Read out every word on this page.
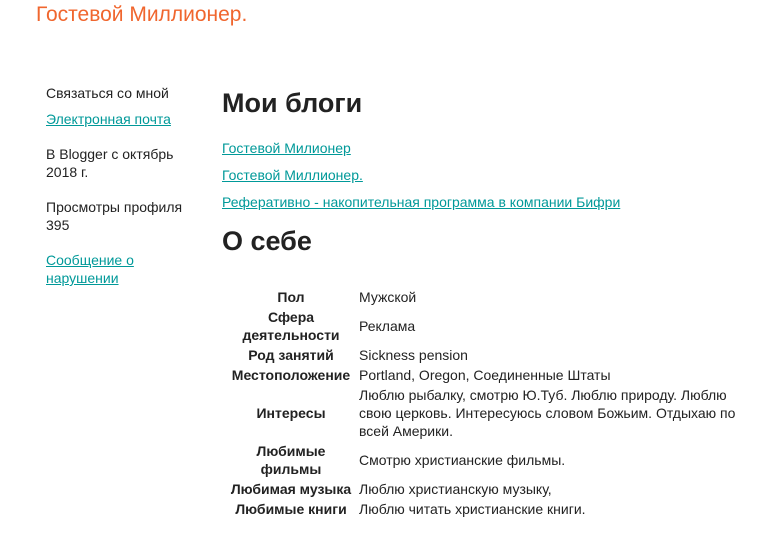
Гостевой Миллионер.
Связаться со мной
Электронная почта
В Blogger с октябрь 2018 г.
Просмотры профиля 395
Сообщение о нарушении
Мои блоги
Гостевой Милионер
Гостевой Миллионер.
Реферативно - накопительная программа в компании Бифри
О себе
Пол	Мужской
Сфера деятельности	Реклама
Род занятий	Sickness pension
Местоположение	Portland, Oregon, Соединенные Штаты
Интересы	Люблю рыбалку, смотрю Ю.Туб. Люблю природу. Люблю свою церковь. Интересуюсь словом Божьим. Отдыхаю по всей Америки.
Любимые фильмы	Смотрю христианские фильмы.
Любимая музыка	Люблю христианскую музыку,
Любимые книги	Люблю читать христианские книги.
